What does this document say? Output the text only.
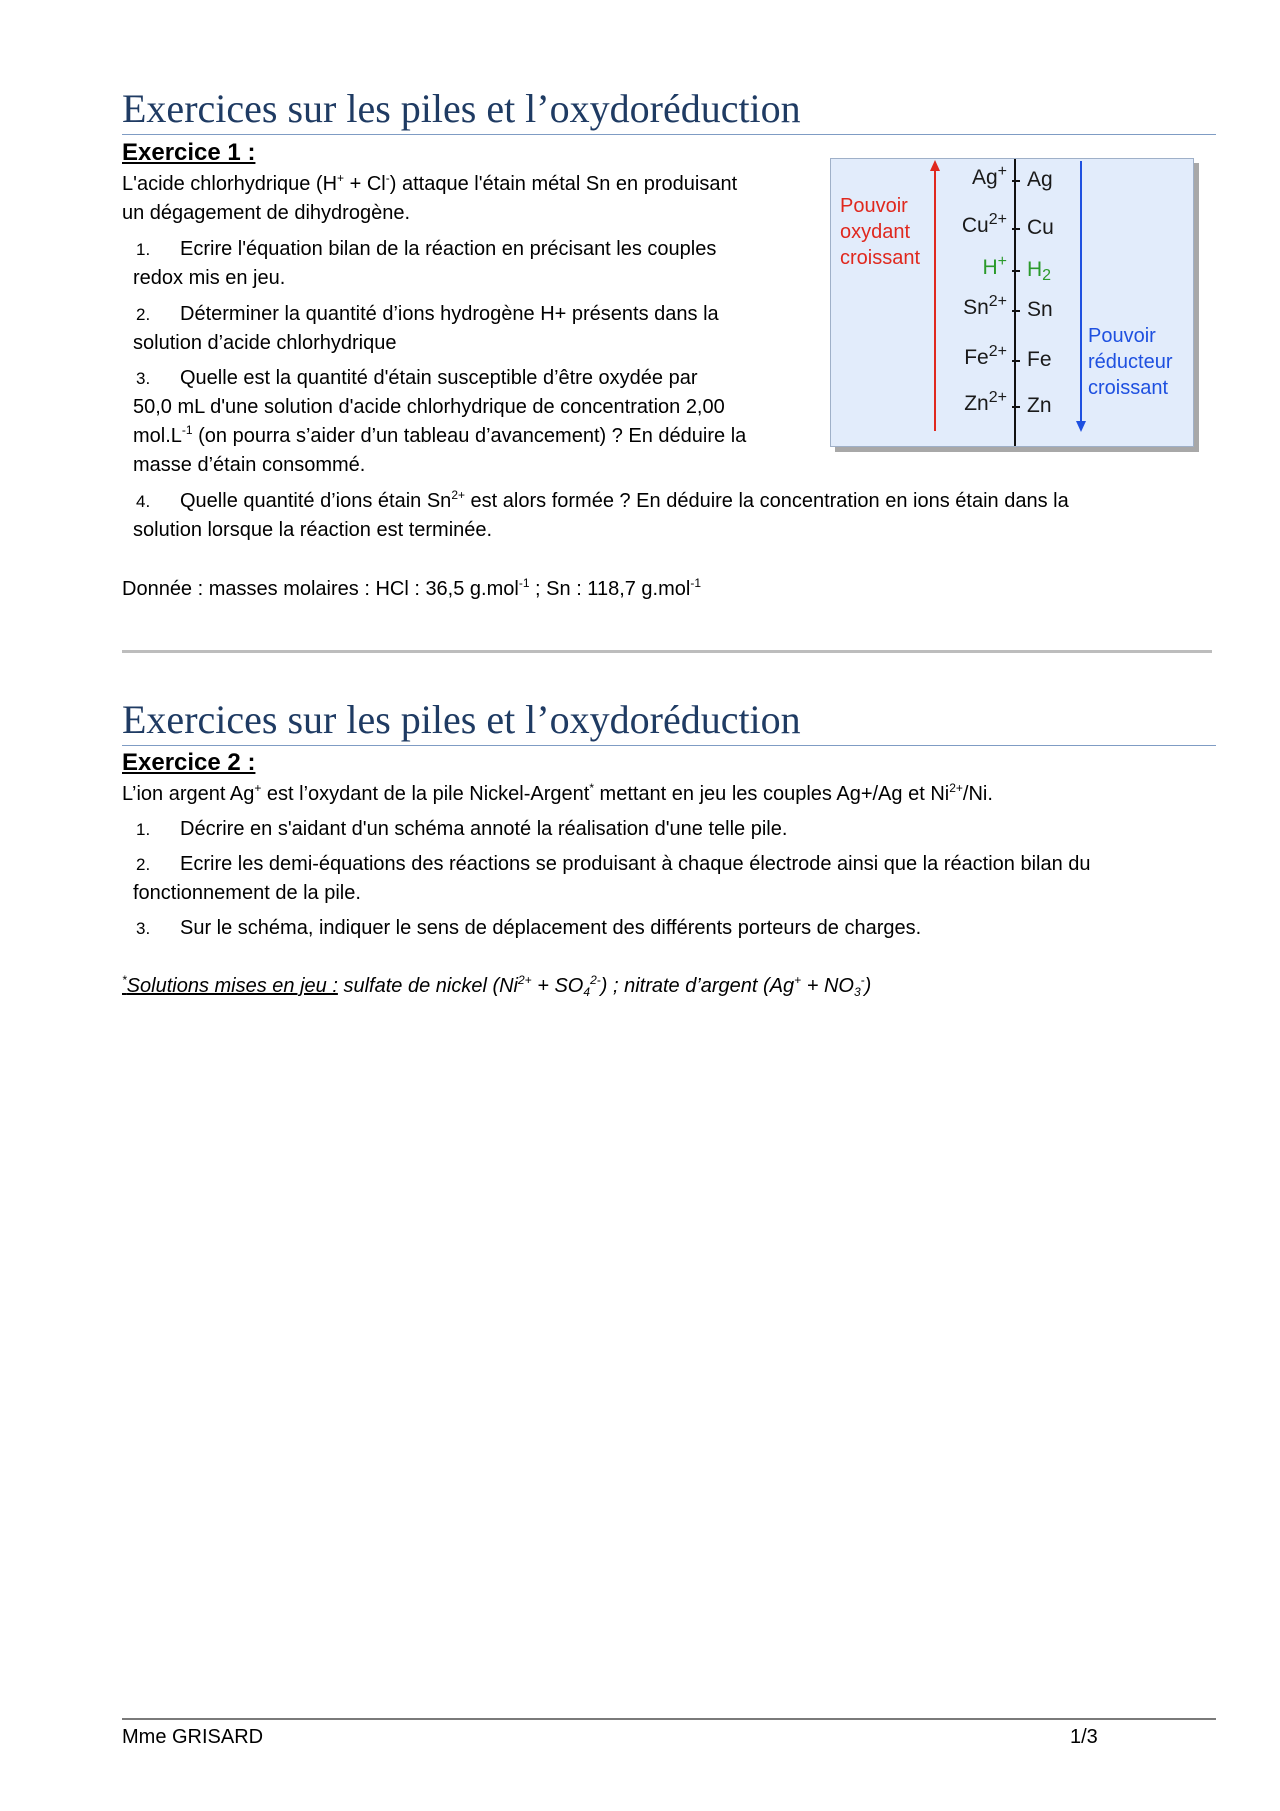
Exercices sur les piles et l’oxydoréduction
Exercice 1 :
L'acide chlorhydrique (H+ + Cl-) attaque l'étain métal Sn en produisant
un dégagement de dihydrogène.
1. Ecrire l'équation bilan de la réaction en précisant les couples
redox mis en jeu.
2. Déterminer la quantité d’ions hydrogène H+ présents dans la
solution d’acide chlorhydrique
3. Quelle est la quantité d'étain susceptible d’être oxydée par
50,0 mL d'une solution d'acide chlorhydrique de concentration 2,00
$mol.L^{-1}$ (on pourra s’aider d’un tableau d’avancement) ? En déduire la
masse d’étain consommé.
4. Quelle quantité d’ions étain $Sn^{2+}$ est alors formée ? En déduire la concentration en ions étain dans la
solution lorsque la réaction est terminée.
Donnée : masses molaires : HCl : 36,5 g.mol$^{-1}$ ; Sn : 118,7 g.mol$^{-1}$
Pouvoir
oxydant
croissant
Pouvoir
réducteur
croissant
Ag+ Ag
$Cu^{2+}$ Cu
H+ $H_2$
$Sn^{2+}$ Sn
$Fe^{2+}$ Fe
$Zn^{2+}$ Zn
Exercices sur les piles et l’oxydoréduction
Exercice 2 :
L’ion argent Ag+ est l’oxydant de la pile Nickel-Argent* mettant en jeu les couples Ag+/Ag et $Ni^{2+}/Ni$.
1. Décrire en s'aidant d'un schéma annoté la réalisation d'une telle pile.
2. Ecrire les demi-équations des réactions se produisant à chaque électrode ainsi que la réaction bilan du
fonctionnement de la pile.
3. Sur le schéma, indiquer le sens de déplacement des différents porteurs de charges.
*Solutions mises en jeu : sulfate de nickel $(Ni^{2+} + SO_4^{2-})$ ; nitrate d’argent $(Ag^+ + NO_3^-)$
Mme GRISARD	1/3
